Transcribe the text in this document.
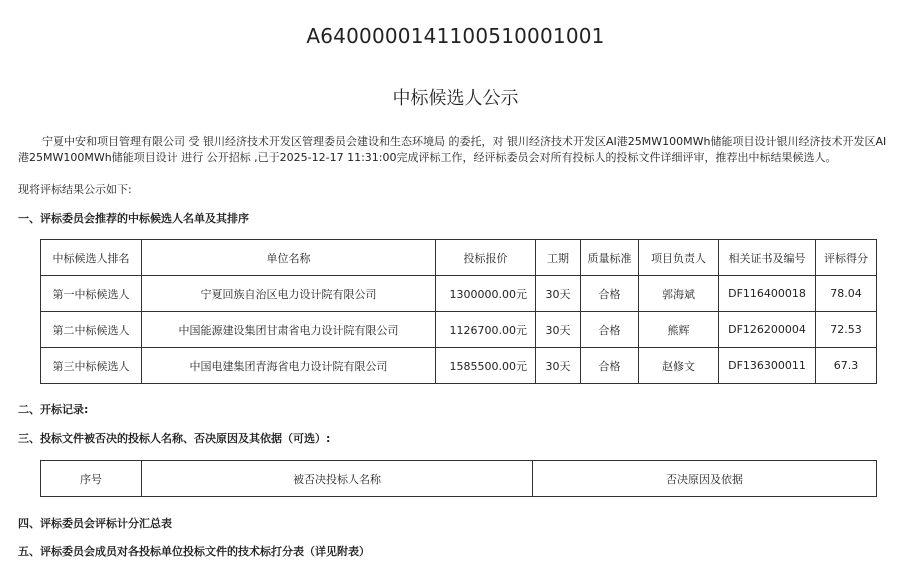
A6400000141100510001001
中标候选人公示
宁夏中安和项目管理有限公司 受 银川经济技术开发区管理委员会建设和生态环境局 的委托，对 银川经济技术开发区AI港25MW100MWh储能项目设计银川经济技术开发区AI港25MW100MWh储能项目设计 进行 公开招标 ,已于2025-12-17 11:31:00完成评标工作，经评标委员会对所有投标人的投标文件详细评审，推荐出中标结果候选人。
现将评标结果公示如下:
一、评标委员会推荐的中标候选人名单及其排序
中标候选人排名	单位名称	投标报价	工期	质量标准	项目负责人	相关证书及编号	评标得分
第一中标候选人	宁夏回族自治区电力设计院有限公司	1300000.00元	30天	合格	郭海斌	DF116400018	78.04
第二中标候选人	中国能源建设集团甘肃省电力设计院有限公司	1126700.00元	30天	合格	熊辉	DF126200004	72.53
第三中标候选人	中国电建集团青海省电力设计院有限公司	1585500.00元	30天	合格	赵修文	DF136300011	67.3
二、开标记录:
三、投标文件被否决的投标人名称、否决原因及其依据（可选）:
序号	被否决投标人名称	否决原因及依据
四、评标委员会评标计分汇总表
五、评标委员会成员对各投标单位投标文件的技术标打分表（详见附表）
